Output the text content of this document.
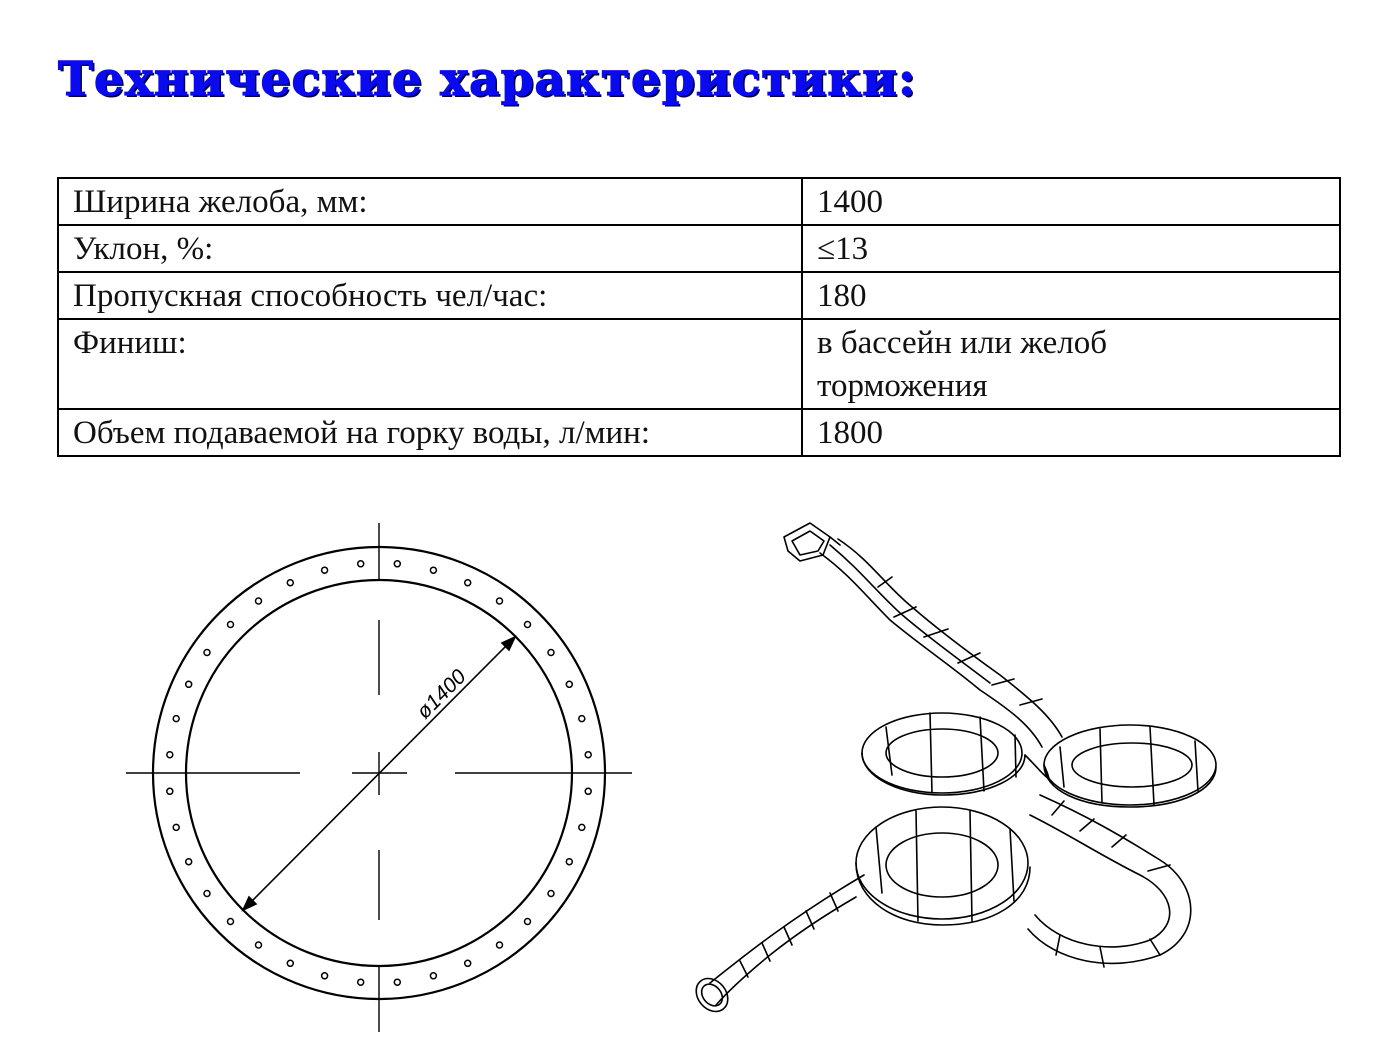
Технические характеристики:
Ширина желоба, мм:	1400
Уклон, %:	≤13
Пропускная способность чел/час:	180
Финиш:	в бассейн или желоб торможения
Объем подаваемой на горку воды, л/мин:	1800
ø1400
